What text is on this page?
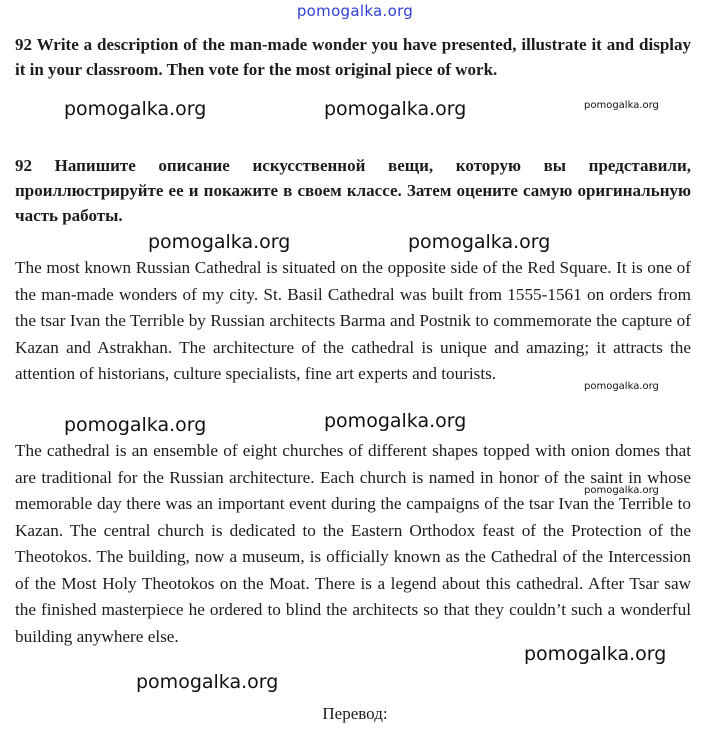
pomogalka.org

92 Write a description of the man-made wonder you have presented, illustrate it and display it in your classroom. Then vote for the most original piece of work.

92 Напишите описание искусственной вещи, которую вы представили, проиллюстрируйте ее и покажите в своем классе. Затем оцените самую оригинальную часть работы.

The most known Russian Cathedral is situated on the opposite side of the Red Square. It is one of the man-made wonders of my city. St. Basil Cathedral was built from 1555-1561 on orders from the tsar Ivan the Terrible by Russian architects Barma and Postnik to commemorate the capture of Kazan and Astrakhan. The architecture of the cathedral is unique and amazing; it attracts the attention of historians, culture specialists, fine art experts and tourists.

The cathedral is an ensemble of eight churches of different shapes topped with onion domes that are traditional for the Russian architecture. Each church is named in honor of the saint in whose memorable day there was an important event during the campaigns of the tsar Ivan the Terrible to Kazan. The central church is dedicated to the Eastern Orthodox feast of the Protection of the Theotokos. The building, now a museum, is officially known as the Cathedral of the Intercession of the Most Holy Theotokos on the Moat. There is a legend about this cathedral. After Tsar saw the finished masterpiece he ordered to blind the architects so that they couldn’t such a wonderful building anywhere else.

Перевод:

pomogalka.org	pomogalka.org	pomogalka.org
pomogalka.org	pomogalka.org
pomogalka.org
pomogalka.org	pomogalka.org
pomogalka.org
pomogalka.org
pomogalka.org
